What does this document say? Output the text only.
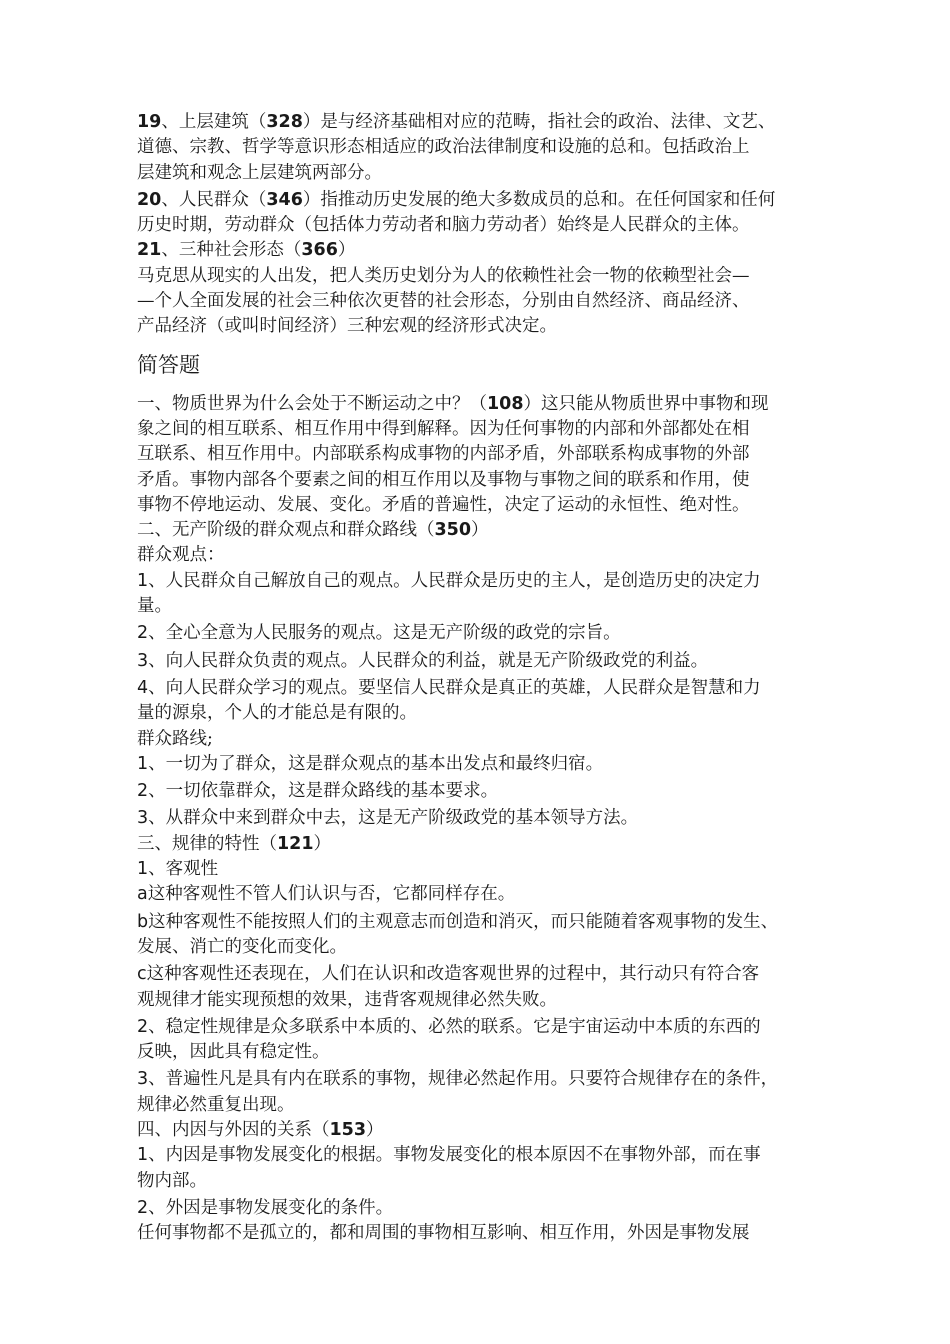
19、上层建筑（328）是与经济基础相对应的范畴，指社会的政治、法律、文艺、

道德、宗教、哲学等意识形态相适应的政治法律制度和设施的总和。包括政治上

层建筑和观念上层建筑两部分。

20、人民群众（346）指推动历史发展的绝大多数成员的总和。在任何国家和任何

历史时期，劳动群众（包括体力劳动者和脑力劳动者）始终是人民群众的主体。

21、三种社会形态（366）

马克思从现实的人出发，把人类历史划分为人的依赖性社会一物的依赖型社会—

—个人全面发展的社会三种依次更替的社会形态，分别由自然经济、商品经济、

产品经济（或叫时间经济）三种宏观的经济形式决定。

简答题

一、物质世界为什么会处于不断运动之中？（108）这只能从物质世界中事物和现

象之间的相互联系、相互作用中得到解释。因为任何事物的内部和外部都处在相

互联系、相互作用中。内部联系构成事物的内部矛盾，外部联系构成事物的外部

矛盾。事物内部各个要素之间的相互作用以及事物与事物之间的联系和作用，使

事物不停地运动、发展、变化。矛盾的普遍性，决定了运动的永恒性、绝对性。

二、无产阶级的群众观点和群众路线（350）

群众观点：

1、人民群众自己解放自己的观点。人民群众是历史的主人，是创造历史的决定力

量。

2、全心全意为人民服务的观点。这是无产阶级的政党的宗旨。

3、向人民群众负责的观点。人民群众的利益，就是无产阶级政党的利益。

4、向人民群众学习的观点。要坚信人民群众是真正的英雄，人民群众是智慧和力

量的源泉，个人的才能总是有限的。

群众路线;

1、一切为了群众，这是群众观点的基本出发点和最终归宿。

2、一切依靠群众，这是群众路线的基本要求。

3、从群众中来到群众中去，这是无产阶级政党的基本领导方法。

三、规律的特性（121）

1、客观性

a这种客观性不管人们认识与否，它都同样存在。

b这种客观性不能按照人们的主观意志而创造和消灭，而只能随着客观事物的发生、

发展、消亡的变化而变化。

c这种客观性还表现在，人们在认识和改造客观世界的过程中，其行动只有符合客

观规律才能实现预想的效果，违背客观规律必然失败。

2、稳定性规律是众多联系中本质的、必然的联系。它是宇宙运动中本质的东西的

反映，因此具有稳定性。

3、普遍性凡是具有内在联系的事物，规律必然起作用。只要符合规律存在的条件，

规律必然重复出现。

四、内因与外因的关系（153）

1、内因是事物发展变化的根据。事物发展变化的根本原因不在事物外部，而在事

物内部。

2、外因是事物发展变化的条件。

任何事物都不是孤立的，都和周围的事物相互影响、相互作用，外因是事物发展
